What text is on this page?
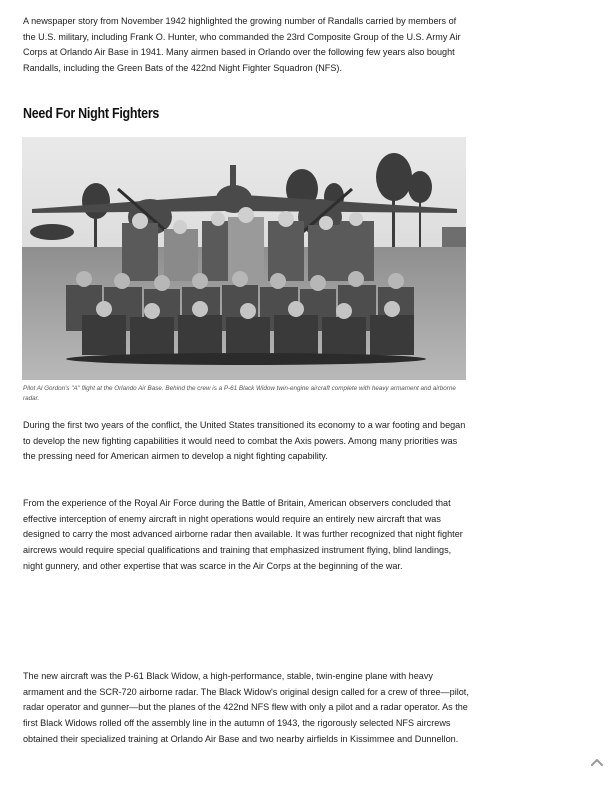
A newspaper story from November 1942 highlighted the growing number of Randalls carried by members of the U.S. military, including Frank O. Hunter, who commanded the 23rd Composite Group of the U.S. Army Air Corps at Orlando Air Base in 1941. Many airmen based in Orlando over the following few years also bought Randalls, including the Green Bats of the 422nd Night Fighter Squadron (NFS).

Need For Night Fighters

Pilot Al Gordon's "A" flight at the Orlando Air Base. Behind the crew is a P-61 Black Widow twin-engine aircraft complete with heavy armament and airborne radar.

During the first two years of the conflict, the United States transitioned its economy to a war footing and began to develop the new fighting capabilities it would need to combat the Axis powers. Among many priorities was the pressing need for American airmen to develop a night fighting capability.

From the experience of the Royal Air Force during the Battle of Britain, American observers concluded that effective interception of enemy aircraft in night operations would require an entirely new aircraft that was designed to carry the most advanced airborne radar then available. It was further recognized that night fighter aircrews would require special qualifications and training that emphasized instrument flying, blind landings, night gunnery, and other expertise that was scarce in the Air Corps at the beginning of the war.

The new aircraft was the P-61 Black Widow, a high-performance, stable, twin-engine plane with heavy armament and the SCR-720 airborne radar. The Black Widow's original design called for a crew of three—pilot, radar operator and gunner—but the planes of the 422nd NFS flew with only a pilot and a radar operator. As the first Black Widows rolled off the assembly line in the autumn of 1943, the rigorously selected NFS aircrews obtained their specialized training at Orlando Air Base and two nearby airfields in Kissimmee and Dunnellon.
